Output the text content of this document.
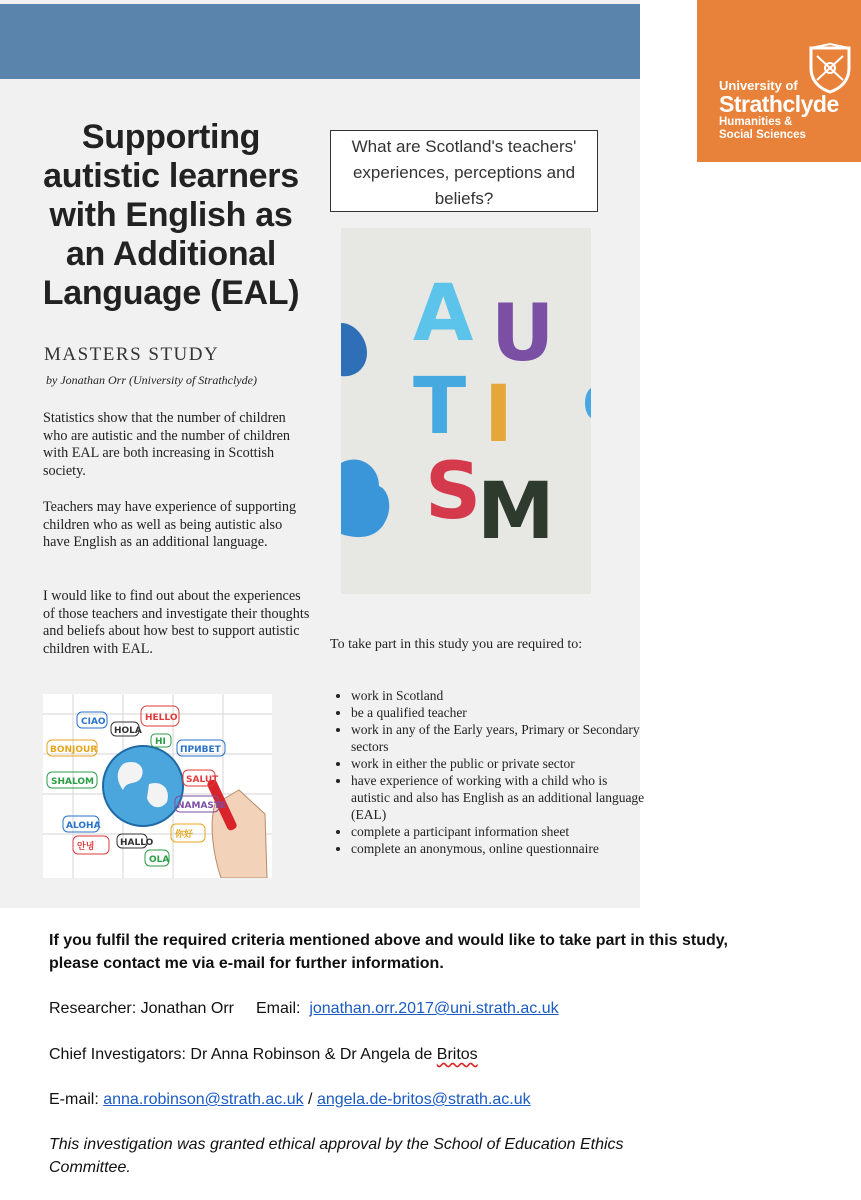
University of
Strathclyde
Humanities &
Social Sciences
Supporting autistic learners with English as an Additional Language (EAL)
What are Scotland's teachers' experiences, perceptions and beliefs?
A U
T I
S
M
MASTERS STUDY
by Jonathan Orr (University of Strathclyde)

Statistics show that the number of children who are autistic and the number of children with EAL are both increasing in Scottish society.

Teachers may have experience of supporting children who as well as being autistic also have English as an additional language.

I would like to find out about the experiences of those teachers and investigate their thoughts and beliefs about how best to support autistic children with EAL.

CIAO
HOLA
HELLO
BONJOUR
HI
ПРИВЕТ
SHALOM	SALUT
NAMASTE
ALOHA
HALLO
OLA
안녕
你好
To take part in this study you are required to:
• work in Scotland
• be a qualified teacher
• work in any of the Early years, Primary or Secondary sectors
• work in either the public or private sector
• have experience of working with a child who is autistic and also has English as an additional language (EAL)
• complete a participant information sheet
• complete an anonymous, online questionnaire

If you fulfil the required criteria mentioned above and would like to take part in this study, please contact me via e-mail for further information.

Researcher: Jonathan Orr Email: jonathan.orr.2017@uni.strath.ac.uk

Chief Investigators: Dr Anna Robinson & Dr Angela de Britos

E-mail: anna.robinson@strath.ac.uk / angela.de-britos@strath.ac.uk

This investigation was granted ethical approval by the School of Education Ethics Committee.
